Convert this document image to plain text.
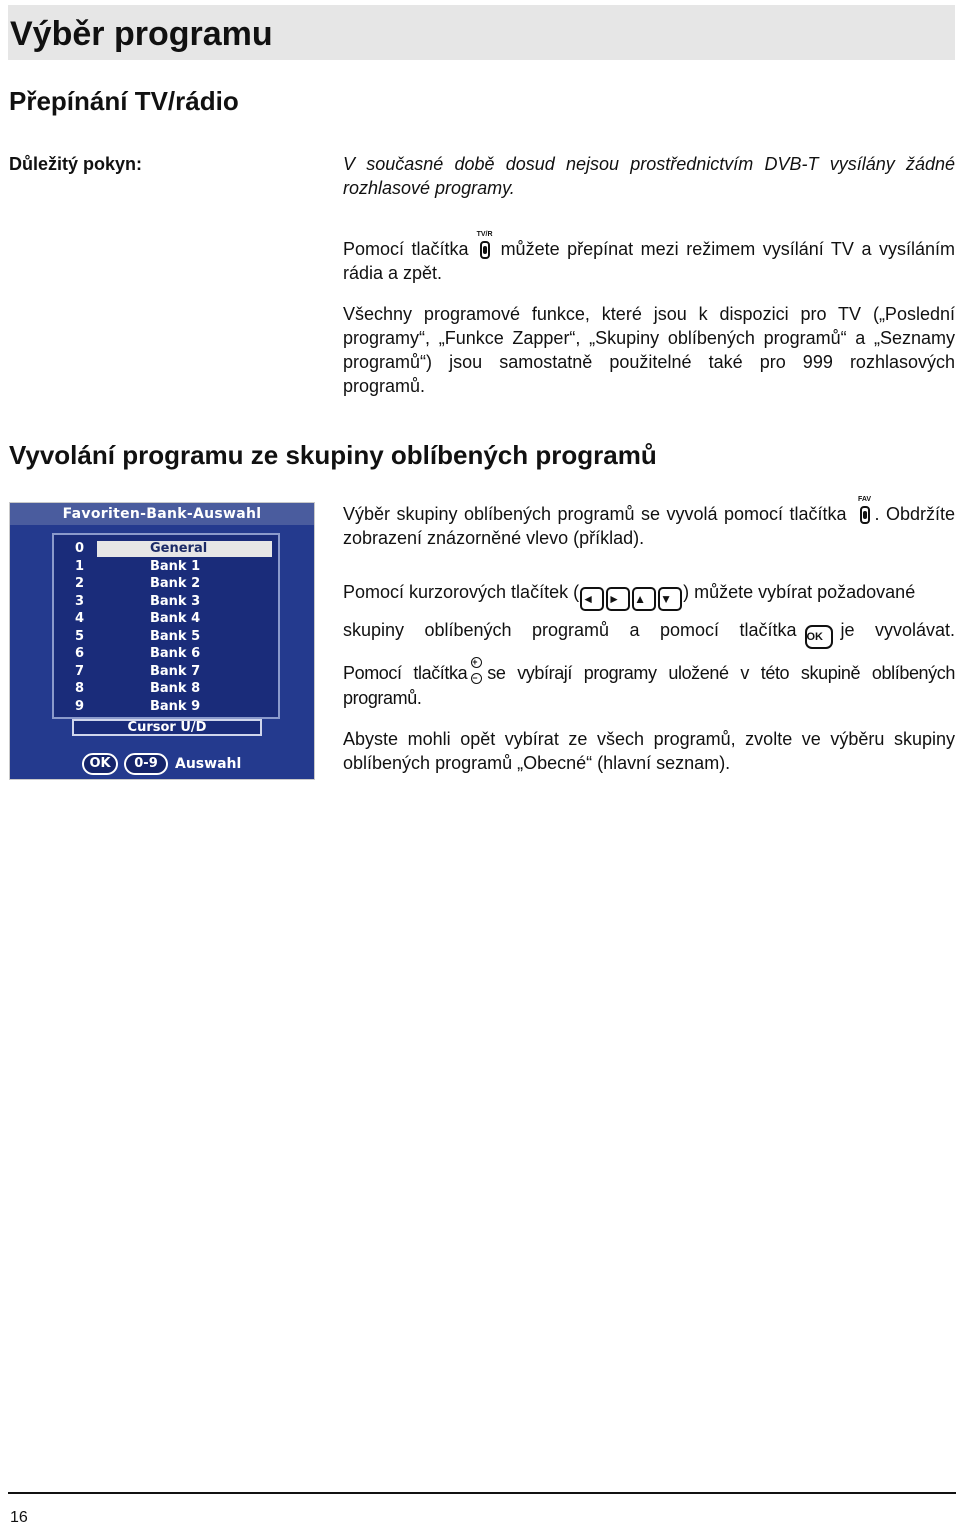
Výběr programu
Přepínání TV/rádio
Důležitý pokyn:	V současné době dosud nejsou prostřednictvím DVB-T vysílány žádné rozhlasové programy.
Pomocí tlačítka
TV/R
můžete přepínat mezi režimem vysílání TV a vysíláním rádia a zpět.
Všechny programové funkce, které jsou k dispozici pro TV („Poslední programy“, „Funkce Zapper“, „Skupiny oblíbených programů“ a „Seznamy programů“) jsou samostatně použitelné také pro 999 rozhlasových programů.
Vyvolání programu ze skupiny oblíbených programů
Favoriten-Bank-Auswahl
0	General
1	Bank 1
2	Bank 2
3	Bank 3
4	Bank 4
5	Bank 5
6	Bank 6
7	Bank 7
8	Bank 8
9	Bank 9
Cursor U/D
OK	0-9	Auswahl
Výběr skupiny oblíbených programů se vyvolá pomocí tlačítka
FAV
. Obdržíte zobrazení znázorněné vlevo (příklad).
Pomocí kurzorových tlačítek ( ◄ ► ▲ ▼ ) můžete vybírat požadované
skupiny oblíbených programů a pomocí tlačítka OK je vyvolávat.
Pomocí tlačítka
+
− se vybírají programy uložené v této skupině oblíbených programů.
Abyste mohli opět vybírat ze všech programů, zvolte ve výběru skupiny oblíbených programů „Obecné“ (hlavní seznam).
16
